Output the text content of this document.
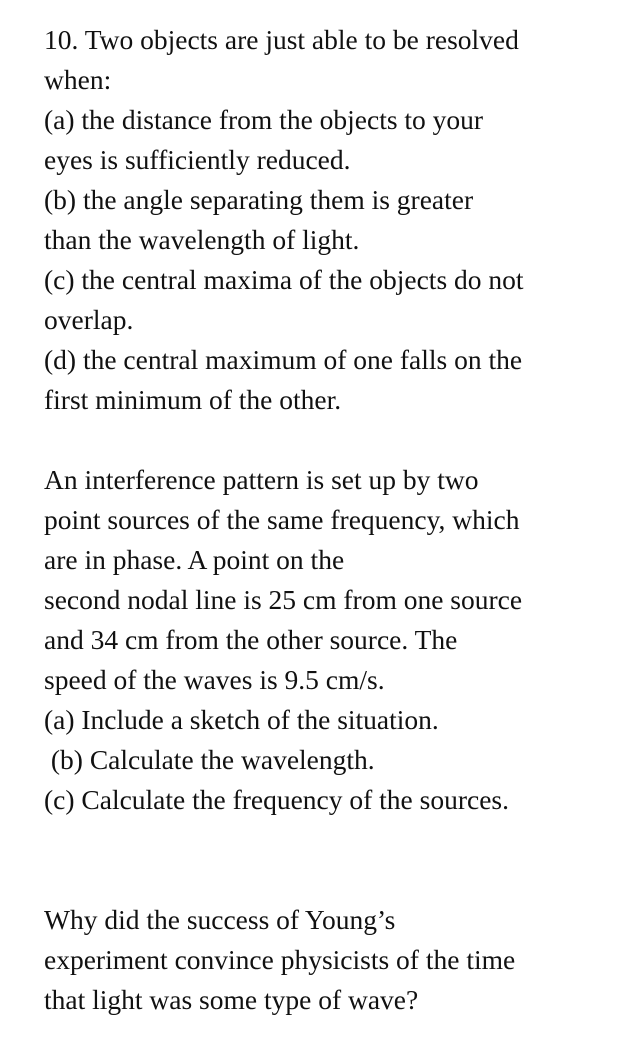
10. Two objects are just able to be resolved
when:
(a) the distance from the objects to your
eyes is sufficiently reduced.
(b) the angle separating them is greater
than the wavelength of light.
(c) the central maxima of the objects do not
overlap.
(d) the central maximum of one falls on the
first minimum of the other.
An interference pattern is set up by two
point sources of the same frequency, which
are in phase. A point on the
second nodal line is 25 cm from one source
and 34 cm from the other source. The
speed of the waves is 9.5 cm/s.
(a) Include a sketch of the situation.
(b) Calculate the wavelength.
(c) Calculate the frequency of the sources.
Why did the success of Young’s
experiment convince physicists of the time
that light was some type of wave?
